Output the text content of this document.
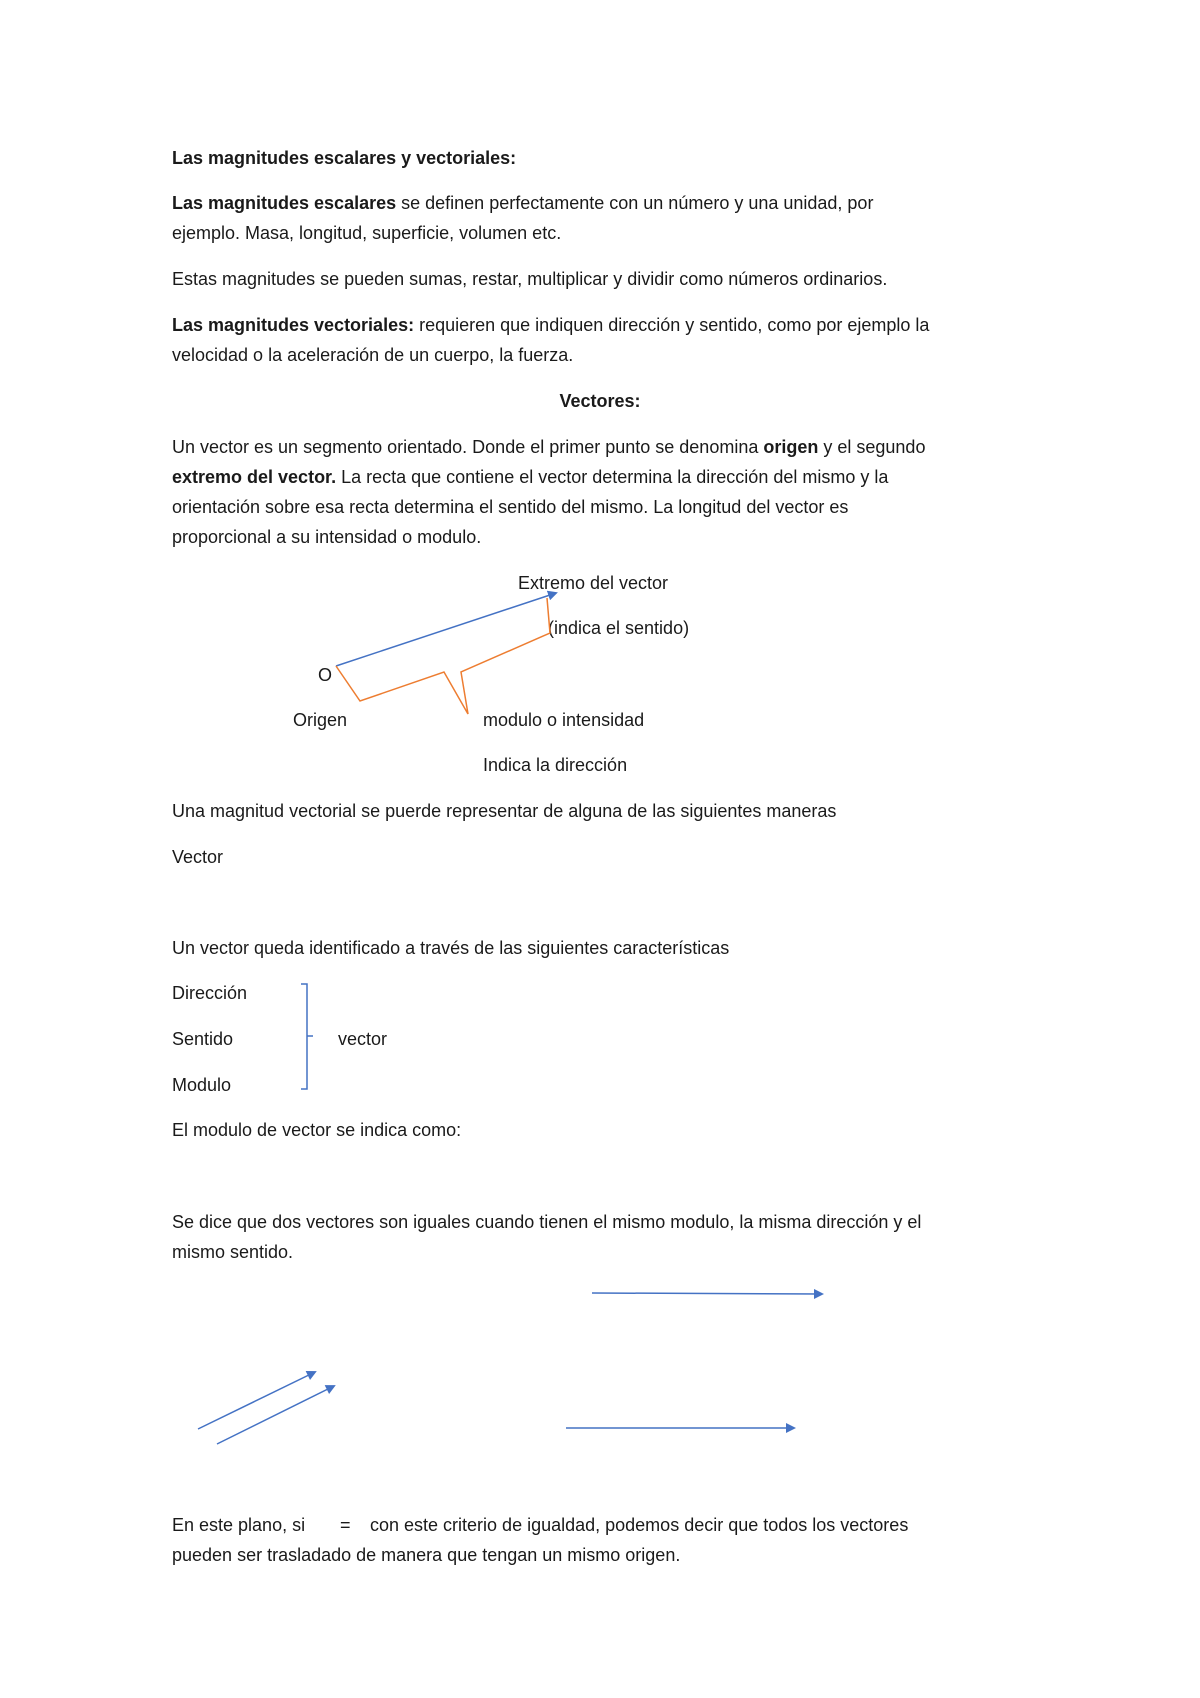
Las magnitudes escalares y vectoriales:
Las magnitudes escalares se definen perfectamente con un número y una unidad, por
ejemplo. Masa, longitud, superficie, volumen etc.
Estas magnitudes se pueden sumas, restar, multiplicar y dividir como números ordinarios.
Las magnitudes vectoriales: requieren que indiquen dirección y sentido, como por ejemplo la
velocidad o la aceleración de un cuerpo, la fuerza.
Vectores:
Un vector es un segmento orientado. Donde el primer punto se denomina origen y el segundo
extremo del vector. La recta que contiene el vector determina la dirección del mismo y la
orientación sobre esa recta determina el sentido del mismo. La longitud del vector es
proporcional a su intensidad o modulo.
Extremo del vector
(indica el sentido)
O
Origen	modulo o intensidad
Indica la dirección
Una magnitud vectorial se puerde representar de alguna de las siguientes maneras
Vector
Un vector queda identificado a través de las siguientes características
Dirección
Sentido
Modulo
vector
El modulo de vector se indica como:
Se dice que dos vectores son iguales cuando tienen el mismo modulo, la misma dirección y el
mismo sentido.
En este plano, si = con este criterio de igualdad, podemos decir que todos los vectores
pueden ser trasladado de manera que tengan un mismo origen.
